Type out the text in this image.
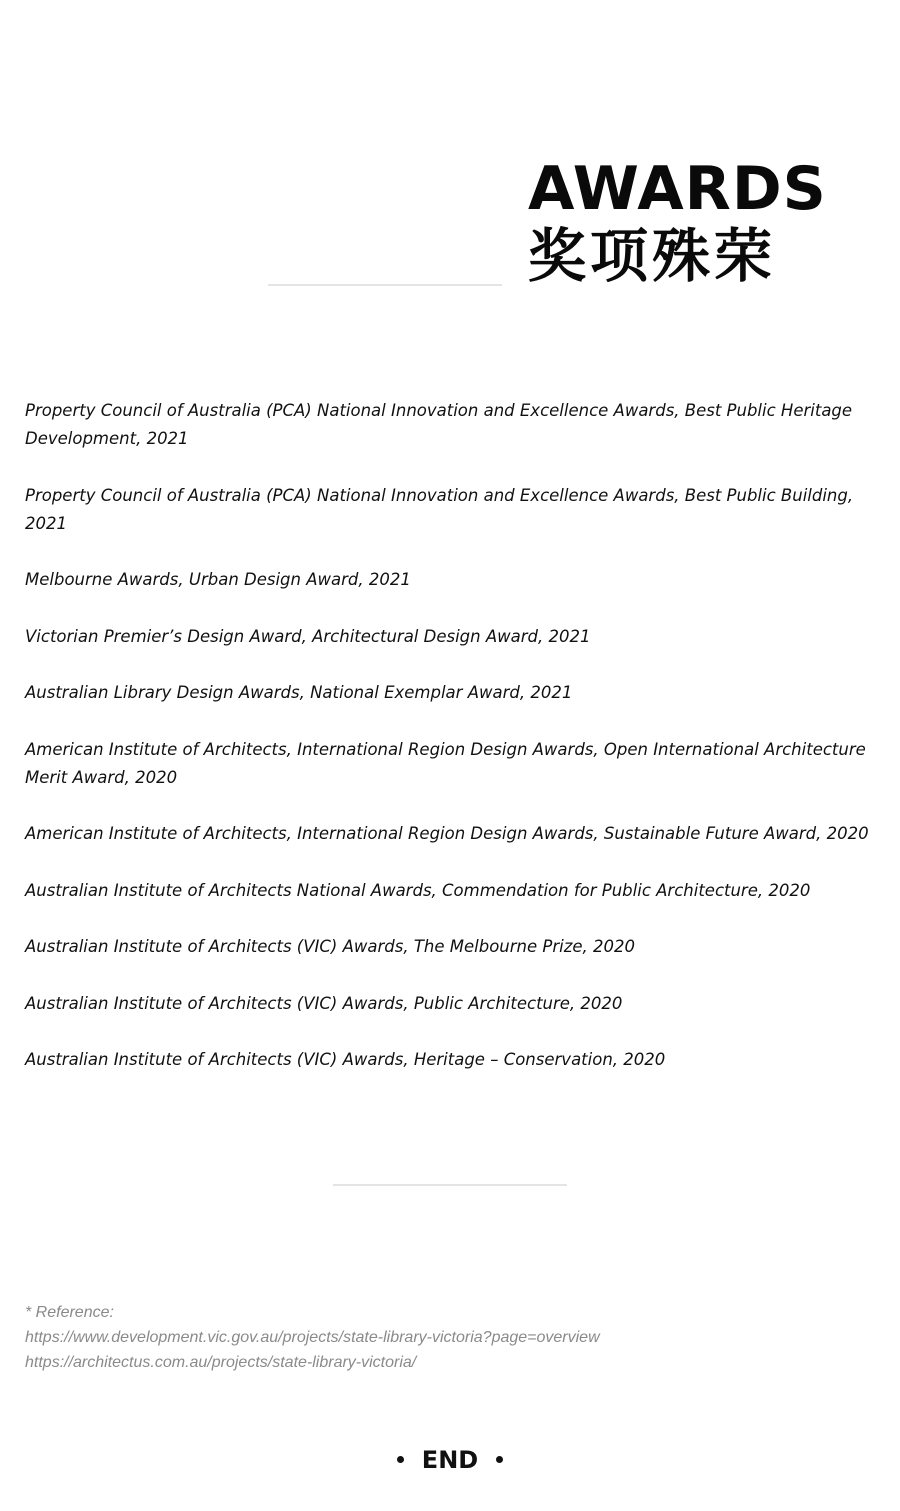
AWARDS
奖项殊荣
Property Council of Australia (PCA) National Innovation and Excellence Awards, Best Public Heritage Development, 2021
Property Council of Australia (PCA) National Innovation and Excellence Awards, Best Public Building, 2021
Melbourne Awards, Urban Design Award, 2021
Victorian Premier’s Design Award, Architectural Design Award, 2021
Australian Library Design Awards, National Exemplar Award, 2021
American Institute of Architects, International Region Design Awards, Open International Architecture Merit Award, 2020
American Institute of Architects, International Region Design Awards, Sustainable Future Award, 2020
Australian Institute of Architects National Awards, Commendation for Public Architecture, 2020
Australian Institute of Architects (VIC) Awards, The Melbourne Prize, 2020
Australian Institute of Architects (VIC) Awards, Public Architecture, 2020
Australian Institute of Architects (VIC) Awards, Heritage – Conservation, 2020
* Reference:
https://www.development.vic.gov.au/projects/state-library-victoria?page=overview
https://architectus.com.au/projects/state-library-victoria/
END
